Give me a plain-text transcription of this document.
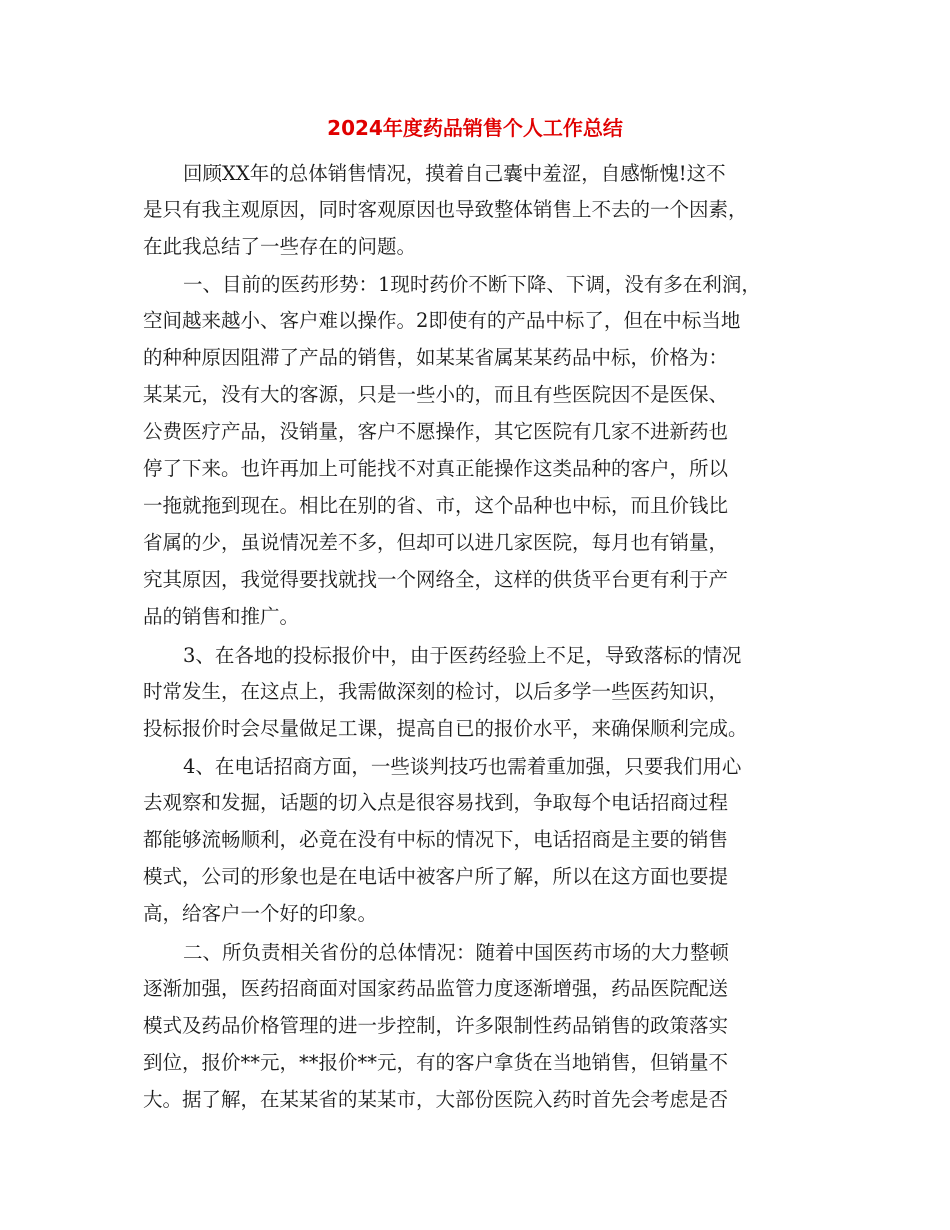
2024年度药品销售个人工作总结
回顾XX年的总体销售情况，摸着自己囊中羞涩，自感惭愧!这不
是只有我主观原因，同时客观原因也导致整体销售上不去的一个因素，
在此我总结了一些存在的问题。
一、目前的医药形势：1现时药价不断下降、下调，没有多在利润，
空间越来越小、客户难以操作。2即使有的产品中标了，但在中标当地
的种种原因阻滞了产品的销售，如某某省属某某药品中标，价格为：
某某元，没有大的客源，只是一些小的，而且有些医院因不是医保、
公费医疗产品，没销量，客户不愿操作，其它医院有几家不进新药也
停了下来。也许再加上可能找不对真正能操作这类品种的客户，所以
一拖就拖到现在。相比在别的省、市，这个品种也中标，而且价钱比
省属的少，虽说情况差不多，但却可以进几家医院，每月也有销量，
究其原因，我觉得要找就找一个网络全，这样的供货平台更有利于产
品的销售和推广。
3、在各地的投标报价中，由于医药经验上不足，导致落标的情况
时常发生，在这点上，我需做深刻的检讨，以后多学一些医药知识，
投标报价时会尽量做足工课，提高自已的报价水平，来确保顺利完成。
4、在电话招商方面，一些谈判技巧也需着重加强，只要我们用心
去观察和发掘，话题的切入点是很容易找到，争取每个电话招商过程
都能够流畅顺利，必竟在没有中标的情况下，电话招商是主要的销售
模式，公司的形象也是在电话中被客户所了解，所以在这方面也要提
高，给客户一个好的印象。
二、所负责相关省份的总体情况：随着中国医药市场的大力整顿
逐渐加强，医药招商面对国家药品监管力度逐渐增强，药品医院配送
模式及药品价格管理的进一步控制，许多限制性药品销售的政策落实
到位，报价**元，**报价**元，有的客户拿货在当地销售，但销量不
大。据了解，在某某省的某某市，大部份医院入药时首先会考虑是否
